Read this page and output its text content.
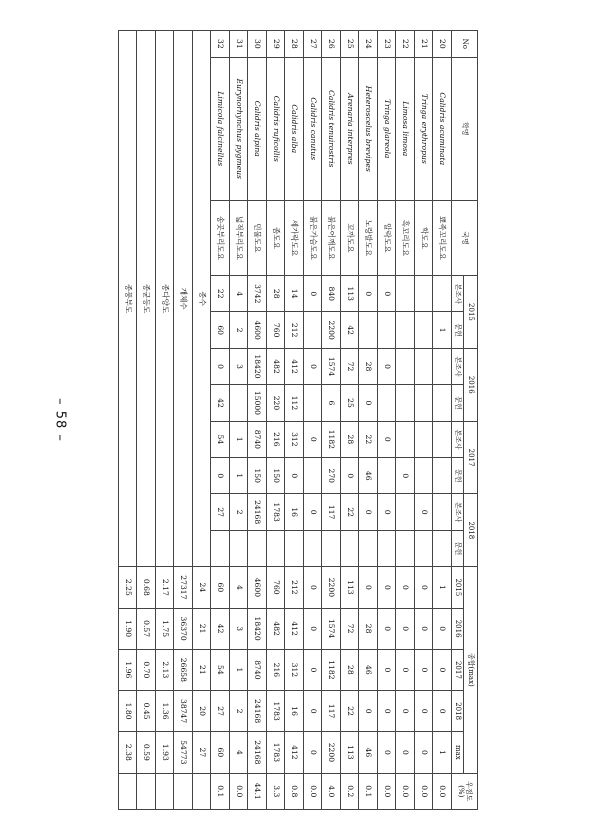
No	학명	국명	2015		2016		2017		2018		종합(max)					우점도 (%)
			본조사	문헌	본조사	문헌	본조사	문헌	본조사	문헌	2015	2016	2017	2018	max	

20	Calidris acuminata	뾰족꼬리도요		1							1	0	0	0	1	0.0
21	Tringa erythropus	학도요							0		0	0	0	0	0	0.0
22	Limosa limosa	흑꼬리도요						0			0	0	0	0	0	0.0
23	Tringa glareola	알락도요	0		0		0		0		0	0	0	0	0	0.0
24	Heteroscelus brevipes	노랑발도요	0		28	0	22	46	0		0	28	46	0	46	0.1
25	Arenaria interpres	꼬까도요	113	42	72	25	28	0	22		113	72	28	22	113	0.2
26	Calidris tenuirostris	붉은어깨도요	840	2200	1574	6	1182	270	117		2200	1574	1182	117	2200	4.0
27	Calidris canutus	붉은가슴도요	0		0		0		0		0	0	0	0	0	0.0
28	Calidris alba	세가락도요	14	212	412	112	312	0	16		212	412	312	16	412	0.8
29	Calidris ruficollis	좀도요	28	760	482	220	216	150	1783		760	482	216	1783	1783	3.3
30	Calidris alpina	민물도요	3742	4600	18420	15000	8740	150	24168		4600	18420	8740	24168	24168	44.1
31	Eurynorhynchus pygmeus	넓적부리도요	4	2	3		1	1	2		4	3	1	2	4	0.0
32	Limicola falcinellus	송곳부리도요	22	60	0	42	54	0	27		60	42	54	27	60	0.1
종수											24	21	21	20	27	
개체수											27317	36370	26658	38747	54773	
종다양도											2.17	1.75	2.13	1.36	1.93	
종균등도											0.68	0.57	0.70	0.45	0.59	
종풍부도											2.25	1.90	1.96	1.80	2.38	
– 58 –
